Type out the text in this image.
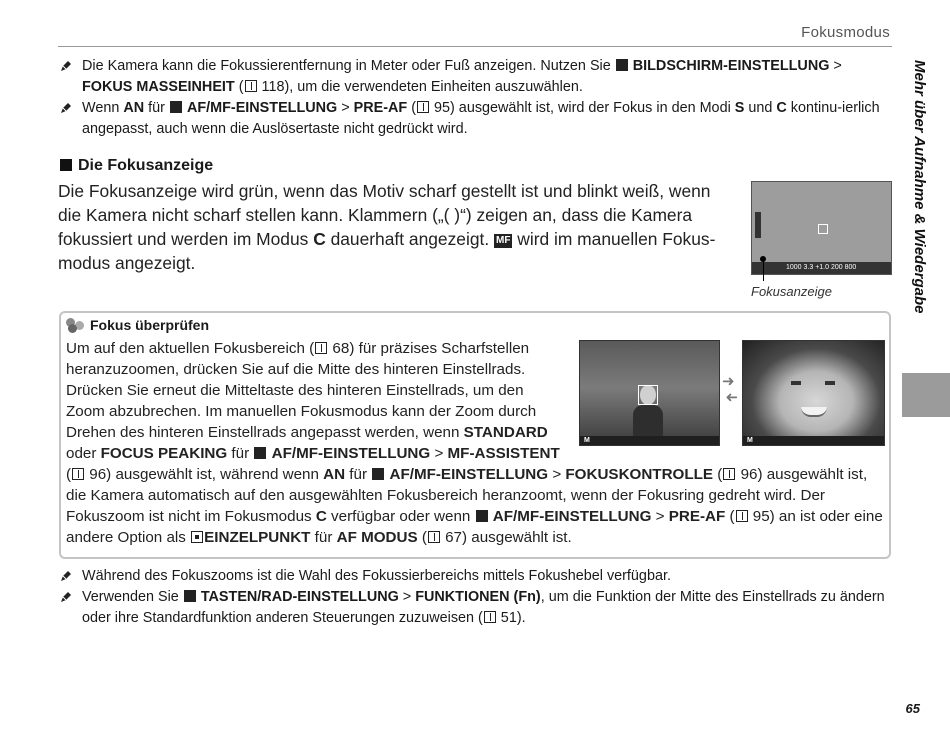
Fokusmodus
Mehr über Aufnahme & Wiedergabe

Die Kamera kann die Fokussierentfernung in Meter oder Fuß anzeigen. Nutzen Sie  BILDSCHIRM-EINSTELLUNG > FOKUS MASSEINHEIT ( 118), um die verwendeten Einheiten auszuwählen.

Wenn AN für  AF/MF-EINSTELLUNG > PRE-AF ( 95) ausgewählt ist, wird der Fokus in den Modi S und C kontinu-ierlich angepasst, auch wenn die Auslösertaste nicht gedrückt wird.

Die Fokusanzeige
Die Fokusanzeige wird grün, wenn das Motiv scharf gestellt ist und blinkt weiß, wenn die Kamera nicht scharf stellen kann. Klammern („( )“) zeigen an, dass die Kamera fokussiert und werden im Modus C dauerhaft angezeigt. MF wird im manuellen Fokus-modus angezeigt.	1000 3.3 +1.0 200 800
Fokusanzeige
Fokus überprüfen
Um auf den aktuellen Fokusbereich ( 68) für präzises Scharfstellen heranzuzoomen, drücken Sie auf die Mitte des hinteren Einstellrads. Drücken Sie erneut die Mitteltaste des hinteren Einstellrads, um den Zoom abzubrechen. Im manuellen Fokusmodus kann der Zoom durch Drehen des hinteren Einstellrads angepasst werden, wenn STANDARD oder FOCUS PEAKING für  AF/MF-EINSTELLUNG > MF-ASSISTENT
( 96) ausgewählt ist, während wenn AN für  AF/MF-EINSTELLUNG > FOKUSKONTROLLE ( 96) ausgewählt ist, die Kamera automatisch auf den ausgewählten Fokusbereich heranzoomt, wenn der Fokusring gedreht wird. Der Fokuszoom ist nicht im Fokusmodus C verfügbar oder wenn  AF/MF-EINSTELLUNG > PRE-AF ( 95) an ist oder eine andere Option als EINZELPUNKT für AF MODUS ( 67) ausgewählt ist.
M
➜
➜
M

Während des Fokuszooms ist die Wahl des Fokussierbereichs mittels Fokushebel verfügbar.

Verwenden Sie  TASTEN/RAD-EINSTELLUNG > FUNKTIONEN (Fn), um die Funktion der Mitte des Einstellrads zu ändern oder ihre Standardfunktion anderen Steuerungen zuzuweisen ( 51).

65
